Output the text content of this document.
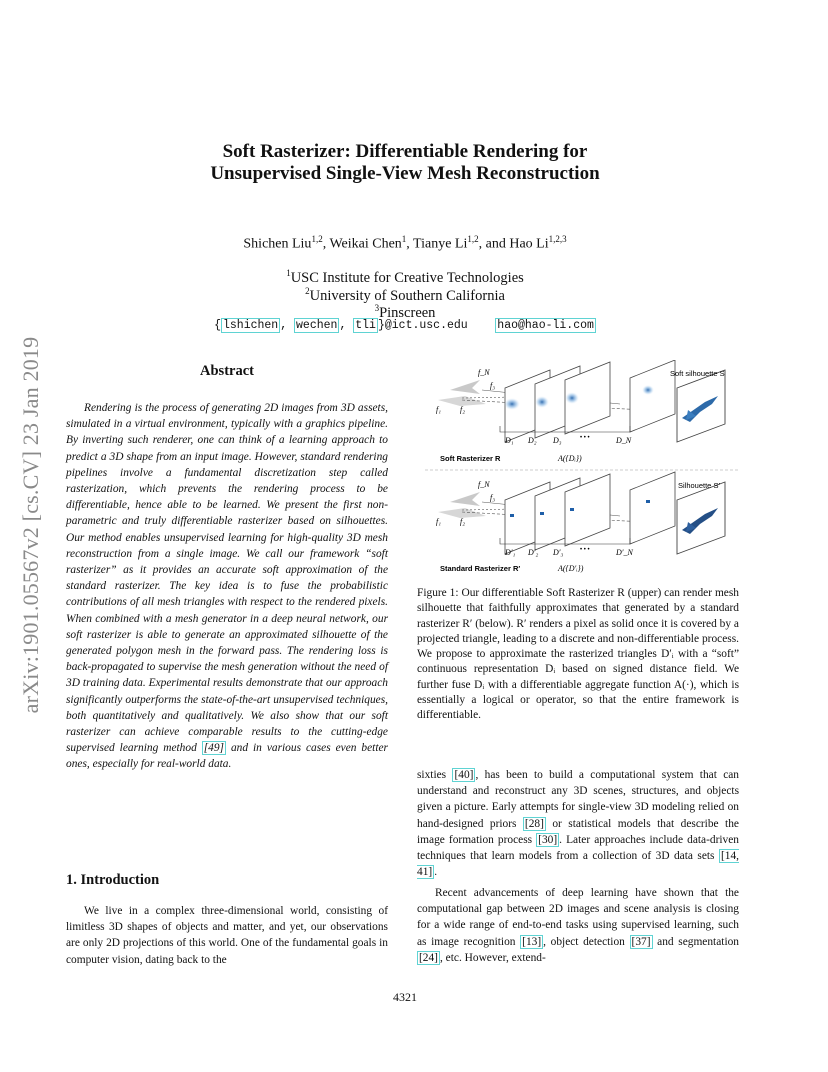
arXiv:1901.05567v2 [cs.CV] 23 Jan 2019
Soft Rasterizer: Differentiable Rendering for
Unsupervised Single-View Mesh Reconstruction
Shichen Liu$^{1,2}$, Weikai Chen$^1$, Tianye Li$^{1,2}$, and Hao Li$^{1,2,3}$
$^1$USC Institute for Creative Technologies
$^2$University of Southern California
$^3$Pinscreen
{ lshichen , wechen , tli }@ict.usc.edu	hao@hao-li.com
Abstract

Rendering is the process of generating 2D images from 3D assets, simulated in a virtual environment, typically with a graphics pipeline. By inverting such renderer, one can think of a learning approach to predict a 3D shape from an input image. However, standard rendering pipelines involve a fundamental discretization step called rasterization, which prevents the rendering process to be differentiable, hence able to be learned. We present the first non-parametric and truly differentiable rasterizer based on silhouettes. Our method enables unsupervised learning for high-quality 3D mesh reconstruction from a single image. We call our framework “soft rasterizer” as it provides an accurate soft approximation of the standard rasterizer. The key idea is to fuse the probabilistic contributions of all mesh triangles with respect to the rendered pixels. When combined with a mesh generator in a deep neural network, our soft rasterizer is able to generate an approximated silhouette of the generated polygon mesh in the forward pass. The rendering loss is back-propagated to supervise the mesh generation without the need of 3D training data. Experimental results demonstrate that our approach significantly outperforms the state-of-the-art unsupervised techniques, both quantitatively and qualitatively. We also show that our soft rasterizer can achieve comparable results to the cutting-edge supervised learning method [49] and in various cases even better ones, especially for real-world data.

1. Introduction

We live in a complex three-dimensional world, consisting of limitless 3D shapes of objects and matter, and yet, our observations are only 2D projections of this world. One of the fundamental goals in computer vision, dating back to the

f₃
f_N
f₁ f₂
Soft silhouette S
D₁ D₂ D₃	• • •	D_N
Soft Rasterizer R	A({Dᵢ})
f₃
f_N
f₁ f₂
Silhouette S′
D′₁ D′₂ D′₃	• • •	D′_N
Standard Rasterizer R′	A({D′ᵢ})

Figure 1: Our differentiable Soft Rasterizer R (upper) can render mesh silhouette that faithfully approximates that generated by a standard rasterizer R′ (below). R′ renders a pixel as solid once it is covered by a projected triangle, leading to a discrete and non-differentiable process. We propose to approximate the rasterized triangles D′ᵢ with a “soft” continuous representation Dᵢ based on signed distance field. We further fuse Dᵢ with a differentiable aggregate function A(·), which is essentially a logical or operator, so that the entire framework is differentiable.

sixties [40] , has been to build a computational system that can understand and reconstruct any 3D scenes, structures, and objects given a picture. Early attempts for single-view 3D modeling relied on hand-designed priors [28] or statistical models that describe the image formation process [30] . Later approaches include data-driven techniques that learn models from a collection of 3D data sets [14, 41] .

Recent advancements of deep learning have shown that the computational gap between 2D images and scene analysis is closing for a wide range of end-to-end tasks using supervised learning, such as image recognition [13] , object detection [37] and segmentation [24] , etc. However, extend-

4321
